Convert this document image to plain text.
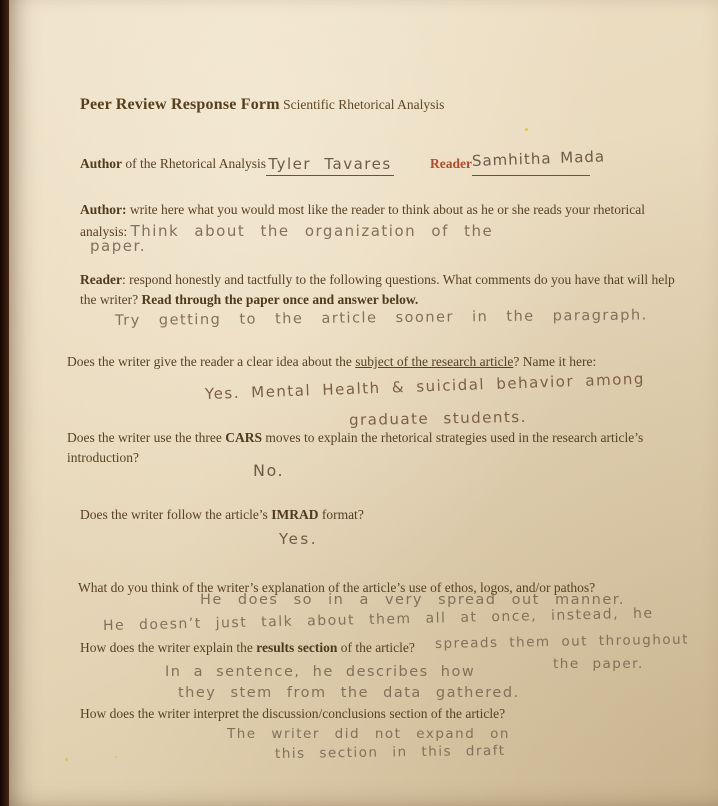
Peer Review Response Form Scientific Rhetorical Analysis
Author of the Rhetorical Analysis Tyler Tavares	ReaderSamhitha Mada
Author: write here what you would most like the reader to think about as he or she reads your rhetorical analysis: Think about the organization of the
paper.
Reader: respond honestly and tactfully to the following questions. What comments do you have that will help the writer? Read through the paper once and answer below.
Try getting to the article sooner in the paragraph.
Does the writer give the reader a clear idea about the subject of the research article? Name it here:
Yes. Mental Health & suicidal behavior among
graduate students.
Does the writer use the three CARS moves to explain the rhetorical strategies used in the research article’s introduction?
No.
Does the writer follow the article’s IMRAD format?
Yes.
What do you think of the writer’s explanation of the article’s use of ethos, logos, and/or pathos?
He does so in a very spread out manner.
He doesn’t just talk about them all at once, instead, he
spreads them out throughout
the paper.
How does the writer explain the results section of the article?
In a sentence, he describes how
they stem from the data gathered.
How does the writer interpret the discussion/conclusions section of the article?
The writer did not expand on
this section in this draft
